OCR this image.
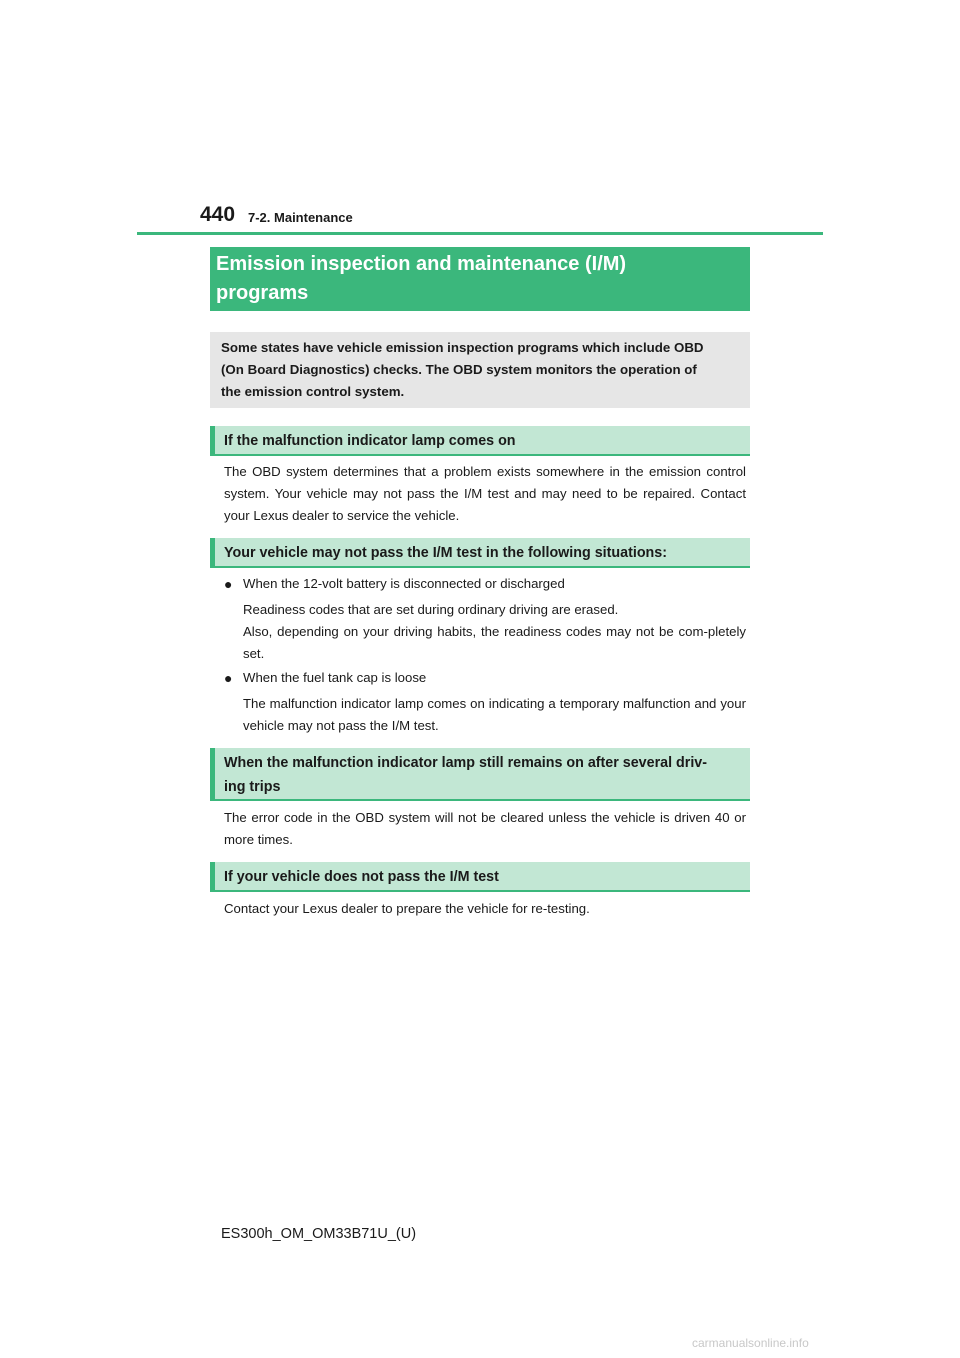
440 7-2. Maintenance
Emission inspection and maintenance (I/M)
programs
Some states have vehicle emission inspection programs which include OBD
(On Board Diagnostics) checks. The OBD system monitors the operation of
the emission control system.
If the malfunction indicator lamp comes on

The OBD system determines that a problem exists somewhere in the emission control system. Your vehicle may not pass the I/M test and may need to be repaired. Contact your Lexus dealer to service the vehicle.

Your vehicle may not pass the I/M test in the following situations:
● When the 12-volt battery is disconnected or discharged

Readiness codes that are set during ordinary driving are erased.

Also, depending on your driving habits, the readiness codes may not be com-pletely set.

● When the fuel tank cap is loose

The malfunction indicator lamp comes on indicating a temporary malfunction and your vehicle may not pass the I/M test.

When the malfunction indicator lamp still remains on after several driv-
ing trips

The error code in the OBD system will not be cleared unless the vehicle is driven 40 or more times.

If your vehicle does not pass the I/M test

Contact your Lexus dealer to prepare the vehicle for re-testing.

ES300h_OM_OM33B71U_(U)
carmanualsonline.info
